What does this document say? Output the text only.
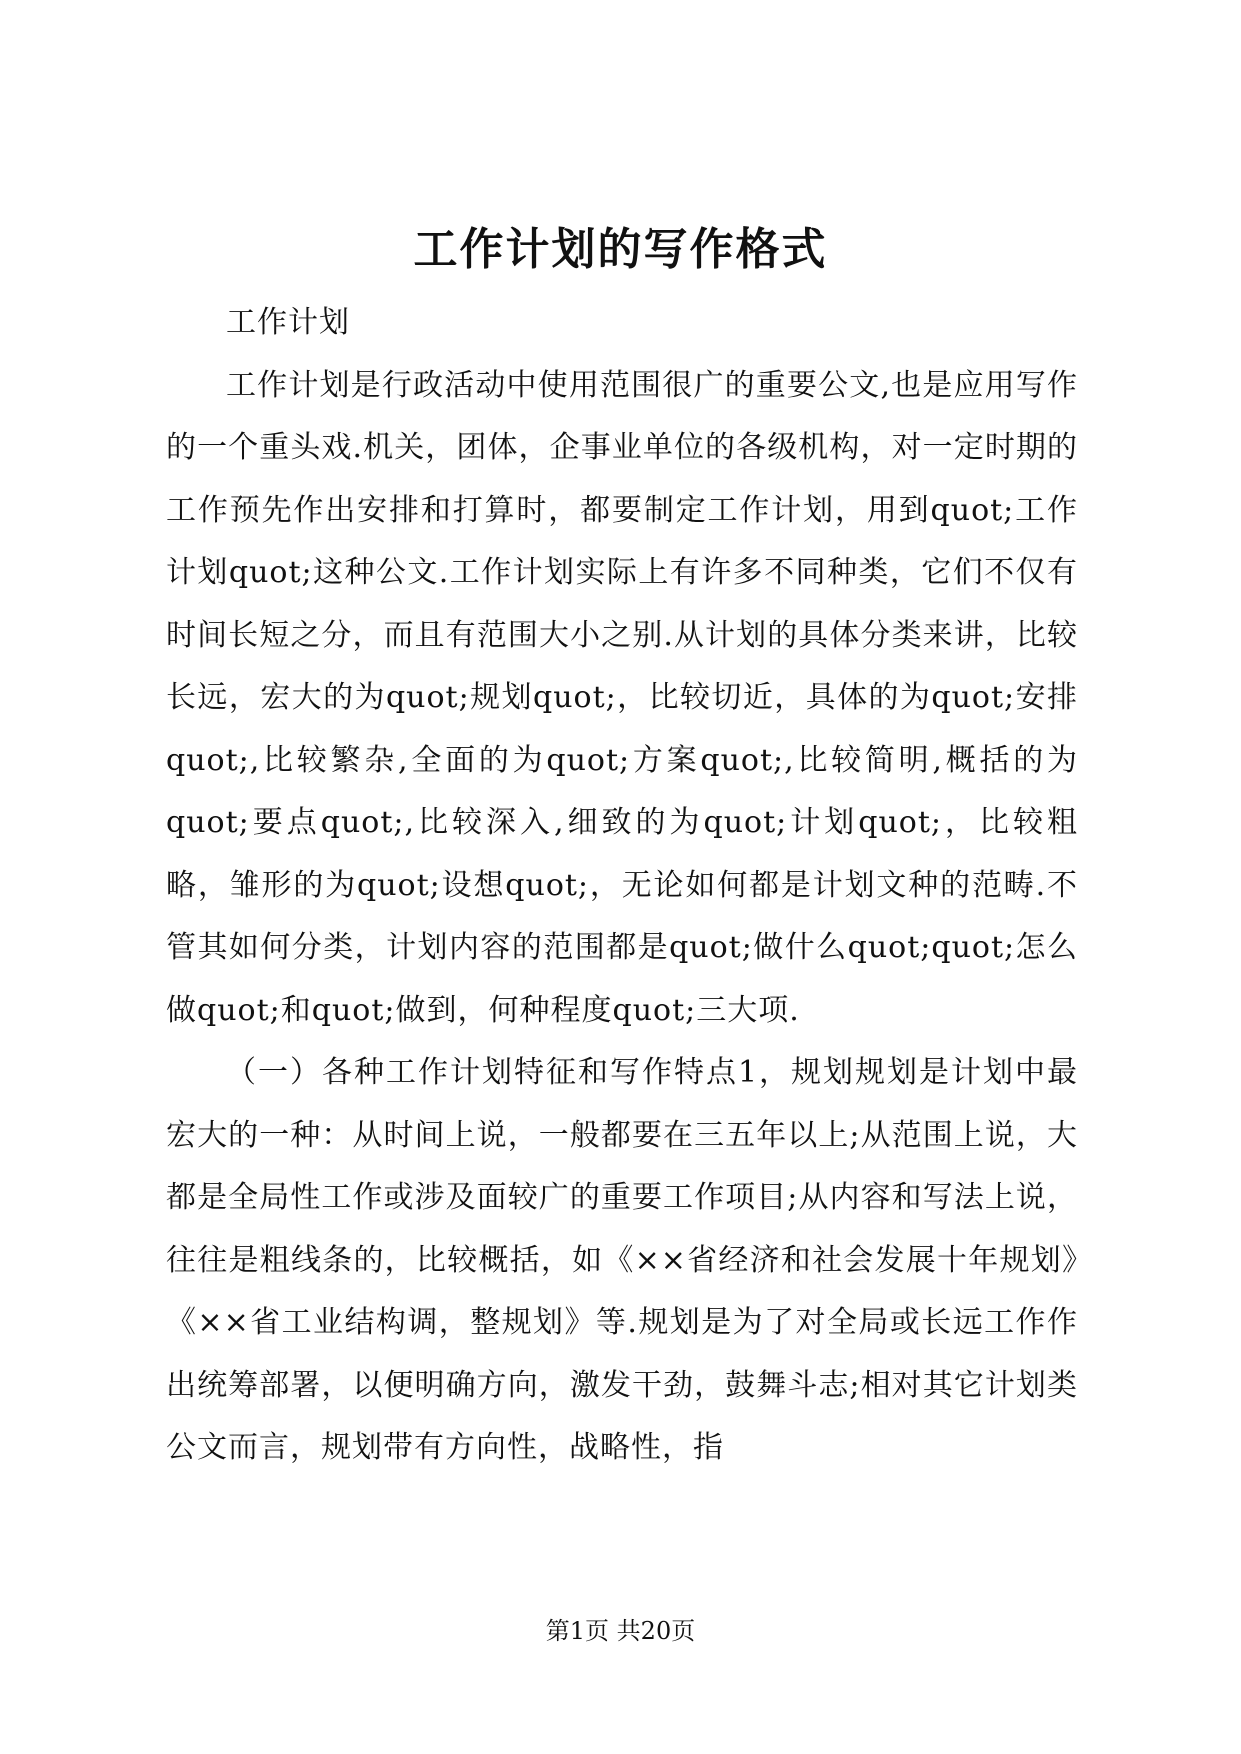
工作计划的写作格式

工作计划

工作计划是行政活动中使用范围很广的重要公文,也是应用写作的一个重头戏.机关，团体，企事业单位的各级机构，对一定时期的工作预先作出安排和打算时，都要制定工作计划，用到quot;工作计划quot;这种公文.工作计划实际上有许多不同种类，它们不仅有时间长短之分，而且有范围大小之别.从计划的具体分类来讲，比较长远，宏大的为quot;规划quot;，比较切近，具体的为quot;安排quot;,比较繁杂,全面的为quot;方案quot;,比较简明,概括的为quot;要点quot;,比较深入,细致的为quot;计划quot;，比较粗略，雏形的为quot;设想quot;，无论如何都是计划文种的范畴.不管其如何分类，计划内容的范围都是quot;做什么quot;quot;怎么做quot;和quot;做到，何种程度quot;三大项.

（一）各种工作计划特征和写作特点1，规划规划是计划中最宏大的一种：从时间上说，一般都要在三五年以上;从范围上说，大都是全局性工作或涉及面较广的重要工作项目;从内容和写法上说，往往是粗线条的，比较概括，如《××省经济和社会发展十年规划》《××省工业结构调，整规划》等.规划是为了对全局或长远工作作出统筹部署，以便明确方向，激发干劲，鼓舞斗志;相对其它计划类公文而言，规划带有方向性，战略性，指

第1页 共20页
